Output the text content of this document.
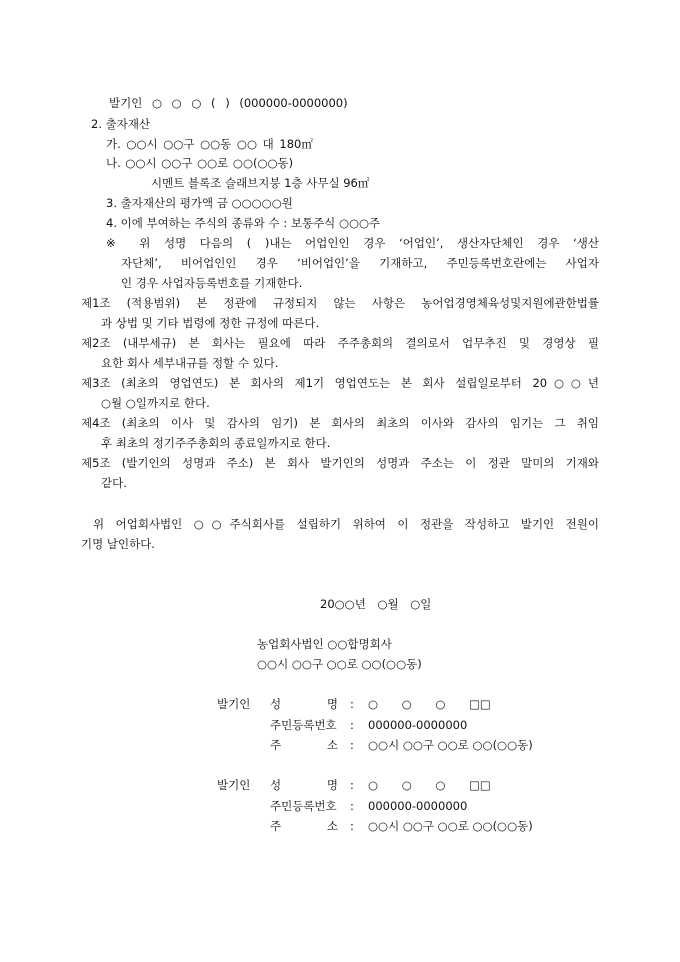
발기인 ○ ○ ○ ( ) (000000-0000000)
2. 출자재산
가. ○○시 ○○구 ○○동 ○○ 대 180㎡
나. ○○시 ○○구 ○○로 ○○(○○동)
시멘트 블록조 슬래브지붕 1층 사무실 96㎡
3. 출자재산의 평가액 금 ○○○○○원
4. 이에 부여하는 주식의 종류와 수 : 보통주식 ○○○주
※ 위 성명 다음의 ( )내는 어업인인 경우 ‘어업인’, 생산자단체인 경우 ‘생산
자단체’, 비어업인인 경우 ‘비어업인’을 기재하고, 주민등록번호란에는 사업자
인 경우 사업자등록번호를 기재한다.
제1조 (적용범위) 본 정관에 규정되지 않는 사항은 농어업경영체육성및지원에관한법률
과 상법 및 기타 법령에 정한 규정에 따른다.
제2조 (내부세규) 본 회사는 필요에 따라 주주총회의 결의로서 업무추진 및 경영상 필
요한 회사 세부내규를 정할 수 있다.
제3조 (최초의 영업연도) 본 회사의 제1기 영업연도는 본 회사 설립일로부터 20○○년
○월 ○일까지로 한다.
제4조 (최초의 이사 및 감사의 임기) 본 회사의 최초의 이사와 감사의 임기는 그 취임
후 최초의 정기주주총회의 종료일까지로 한다.
제5조 (발기인의 성명과 주소) 본 회사 발기인의 성명과 주소는 이 정관 말미의 기재와
같다.
위 어업회사법인 ○○주식회사를 설립하기 위하여 이 정관을 작성하고 발기인 전원이
기명 날인하다.
20○○년 ○월 ○일
농업회사법인 ○○합명회사
○○시 ○○구 ○○로 ○○(○○동)
발기인 성 명 : ○ ○ ○ □□
주민등록번호 : 000000-0000000
주 소 : ○○시 ○○구 ○○로 ○○(○○동)
발기인 성 명 : ○ ○ ○ □□
주민등록번호 : 000000-0000000
주 소 : ○○시 ○○구 ○○로 ○○(○○동)
